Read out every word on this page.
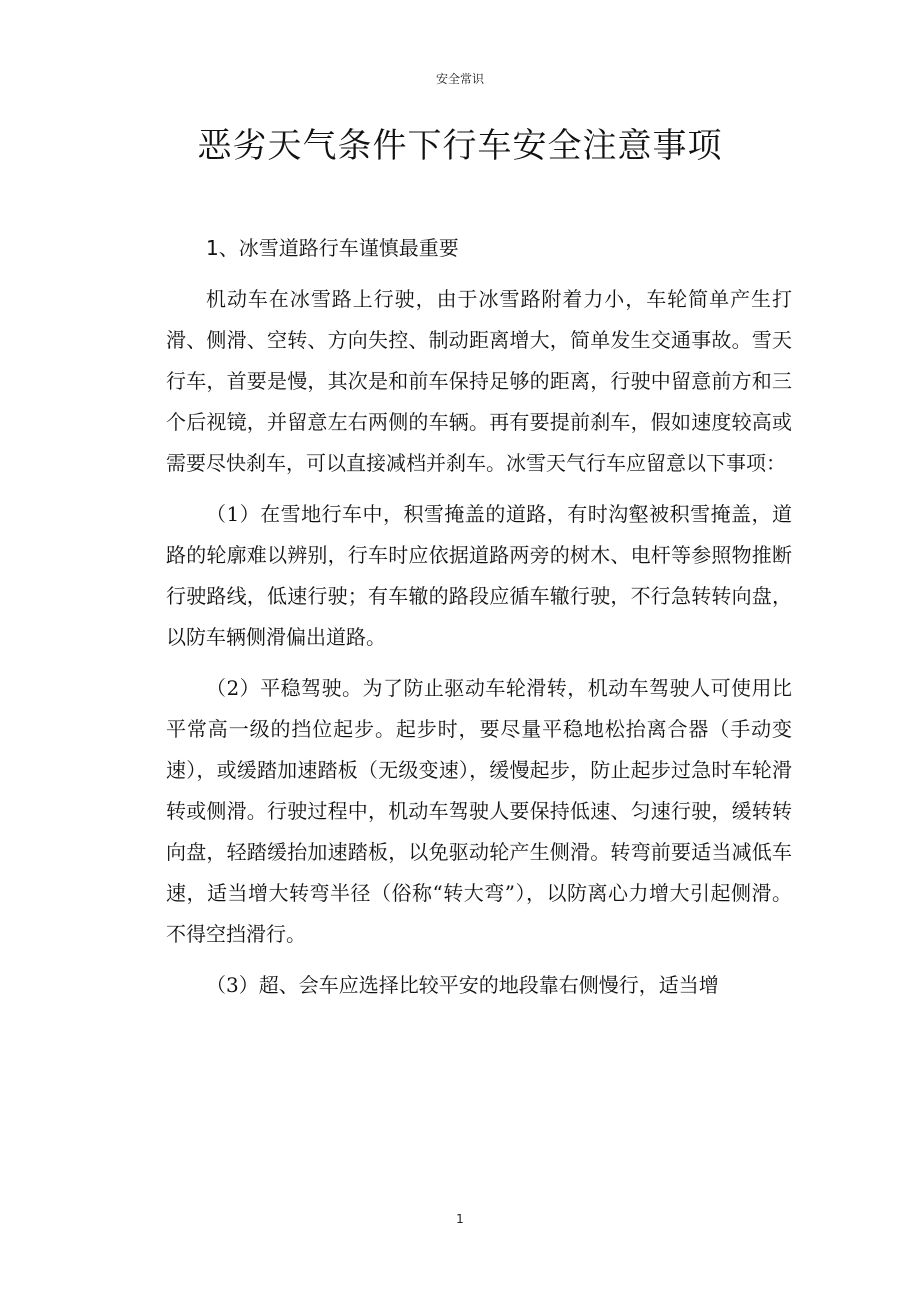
安全常识
恶劣天气条件下行车安全注意事项

1、冰雪道路行车谨慎最重要

机动车在冰雪路上行驶，由于冰雪路附着力小，车轮简单产生打滑、侧滑、空转、方向失控、制动距离增大，简单发生交通事故。雪天行车，首要是慢，其次是和前车保持足够的距离，行驶中留意前方和三个后视镜，并留意左右两侧的车辆。再有要提前刹车，假如速度较高或需要尽快刹车，可以直接减档并刹车。冰雪天气行车应留意以下事项：

（1）在雪地行车中，积雪掩盖的道路，有时沟壑被积雪掩盖，道路的轮廓难以辨别，行车时应依据道路两旁的树木、电杆等参照物推断行驶路线，低速行驶；有车辙的路段应循车辙行驶，不行急转转向盘，以防车辆侧滑偏出道路。

（2）平稳驾驶。为了防止驱动车轮滑转，机动车驾驶人可使用比平常高一级的挡位起步。起步时，要尽量平稳地松抬离合器（手动变速），或缓踏加速踏板（无级变速），缓慢起步，防止起步过急时车轮滑转或侧滑。行驶过程中，机动车驾驶人要保持低速、匀速行驶，缓转转向盘，轻踏缓抬加速踏板，以免驱动轮产生侧滑。转弯前要适当减低车速，适当增大转弯半径（俗称“转大弯”），以防离心力增大引起侧滑。不得空挡滑行。

（3）超、会车应选择比较平安的地段靠右侧慢行，适当增

1
